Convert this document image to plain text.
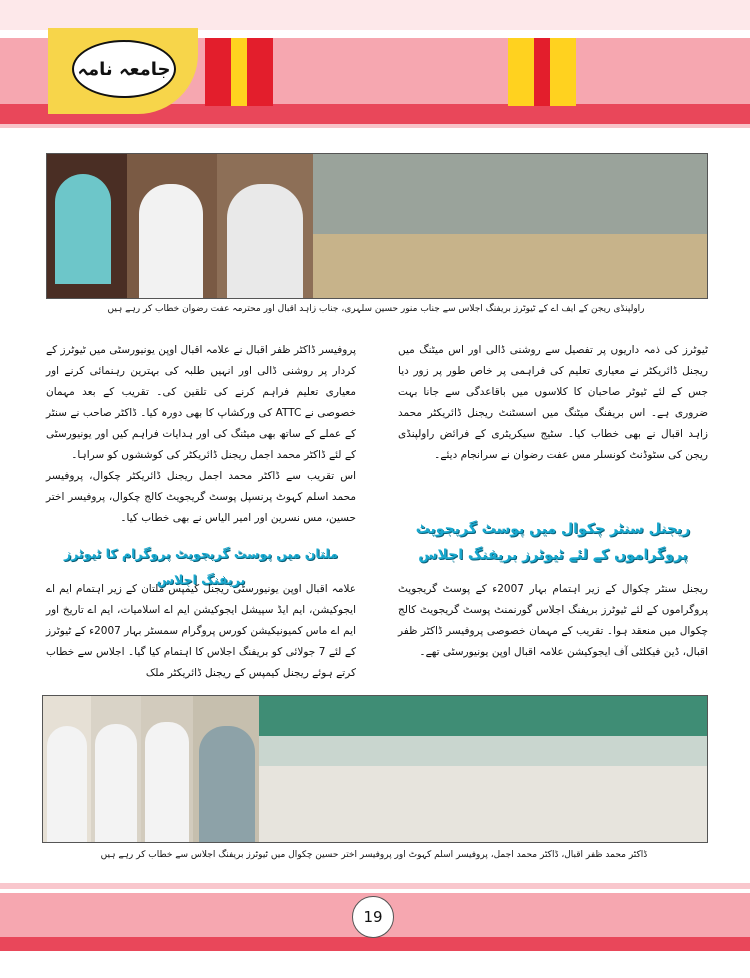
جامعہ نامہ
راولپنڈی ریجن کے ایف اے کے ٹیوٹرز بریفنگ اجلاس سے جناب منور حسین سلہری، جناب زاہد اقبال اور محترمہ عفت رضوان خطاب کر رہے ہیں

ٹیوٹرز کی ذمہ داریوں پر تفصیل سے روشنی ڈالی اور اس میٹنگ میں ریجنل ڈائریکٹر نے معیاری تعلیم کی فراہمی پر خاص طور پر زور دیا جس کے لئے ٹیوٹر صاحبان کا کلاسوں میں باقاعدگی سے جانا بہت ضروری ہے۔ اس بریفنگ میٹنگ میں اسسٹنٹ ریجنل ڈائریکٹر محمد زاہد اقبال نے بھی خطاب کیا۔ سٹیج سیکریٹری کے فرائض راولپنڈی ریجن کی سٹوڈنٹ کونسلر مس عفت رضوان نے سرانجام دیئے۔

پروفیسر ڈاکٹر ظفر اقبال نے علامہ اقبال اوپن یونیورسٹی میں ٹیوٹرز کے کردار پر روشنی ڈالی اور انہیں طلبہ کی بہترین رہنمائی کرنے اور معیاری تعلیم فراہم کرنے کی تلقین کی۔ تقریب کے بعد مہمان خصوصی نے ATTC کی ورکشاپ کا بھی دورہ کیا۔ ڈاکٹر صاحب نے سنٹر کے عملے کے ساتھ بھی میٹنگ کی اور ہدایات فراہم کیں اور یونیورسٹی کے لئے ڈاکٹر محمد اجمل ریجنل ڈائریکٹر کی کوششوں کو سراہا۔

اس تقریب سے ڈاکٹر محمد اجمل ریجنل ڈائریکٹر چکوال، پروفیسر محمد اسلم کہوٹ پرنسپل پوسٹ گریجویٹ کالج چکوال، پروفیسر اختر حسین، مس نسرین اور امیر الیاس نے بھی خطاب کیا۔

ریجنل سنٹر چکوال میں پوسٹ گریجویٹ پروگراموں کے لئے ٹیوٹرز بریفنگ اجلاس
ملتان میں پوسٹ گریجویٹ پروگرام کا ٹیوٹرز بریفنگ اجلاس

علامہ اقبال اوپن یونیورسٹی ریجنل کیمپس ملتان کے زیر اہتمام ایم اے ایجوکیشن، ایم ایڈ سپیشل ایجوکیشن ایم اے اسلامیات، ایم اے تاریخ اور ایم اے ماس کمیونیکیشن کورس پروگرام سمسٹر بہار 2007ء کے ٹیوٹرز کے لئے 7 جولائی کو بریفنگ اجلاس کا اہتمام کیا گیا۔ اجلاس سے خطاب کرتے ہوئے ریجنل کیمپس کے ریجنل ڈائریکٹر ملک

ریجنل سنٹر چکوال کے زیر اہتمام بہار 2007ء کے پوسٹ گریجویٹ پروگراموں کے لئے ٹیوٹرز بریفنگ اجلاس گورنمنٹ پوسٹ گریجویٹ کالج چکوال میں منعقد ہوا۔ تقریب کے مہمان خصوصی پروفیسر ڈاکٹر ظفر اقبال، ڈین فیکلٹی آف ایجوکیشن علامہ اقبال اوپن یونیورسٹی تھے۔

ڈاکٹر محمد ظفر اقبال، ڈاکٹر محمد اجمل، پروفیسر اسلم کہوٹ اور پروفیسر اختر حسین چکوال میں ٹیوٹرز بریفنگ اجلاس سے خطاب کر رہے ہیں
19
